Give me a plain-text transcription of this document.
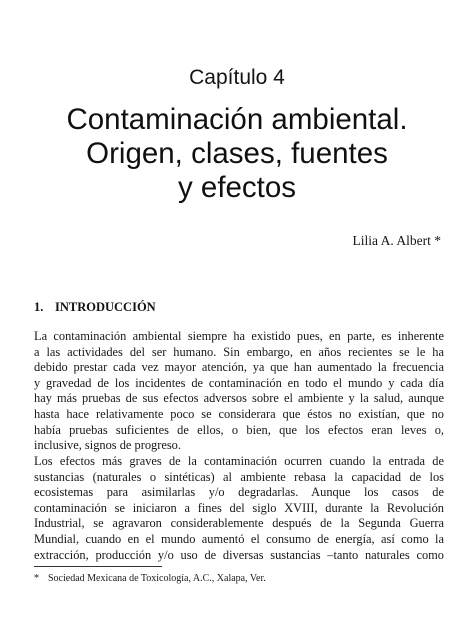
Capítulo 4
Contaminación ambiental.
Origen, clases, fuentes
y efectos
Lilia A. Albert *
1. INTRODUCCIÓN
La contaminación ambiental siempre ha existido pues, en parte, es inherente
a las actividades del ser humano. Sin embargo, en años recientes se le ha
debido prestar cada vez mayor atención, ya que han aumentado la frecuencia
y gravedad de los incidentes de contaminación en todo el mundo y cada día
hay más pruebas de sus efectos adversos sobre el ambiente y la salud, aunque
hasta hace relativamente poco se considerara que éstos no existían, que no
había pruebas suficientes de ellos, o bien, que los efectos eran leves o,
inclusive, signos de progreso.
Los efectos más graves de la contaminación ocurren cuando la entrada de
sustancias (naturales o sintéticas) al ambiente rebasa la capacidad de los
ecosistemas para asimilarlas y/o degradarlas. Aunque los casos de
contaminación se iniciaron a fines del siglo XVIII, durante la Revolución
Industrial, se agravaron considerablemente después de la Segunda Guerra
Mundial, cuando en el mundo aumentó el consumo de energía, así como la
extracción, producción y/o uso de diversas sustancias –tanto naturales como
* Sociedad Mexicana de Toxicología, A.C., Xalapa, Ver.
